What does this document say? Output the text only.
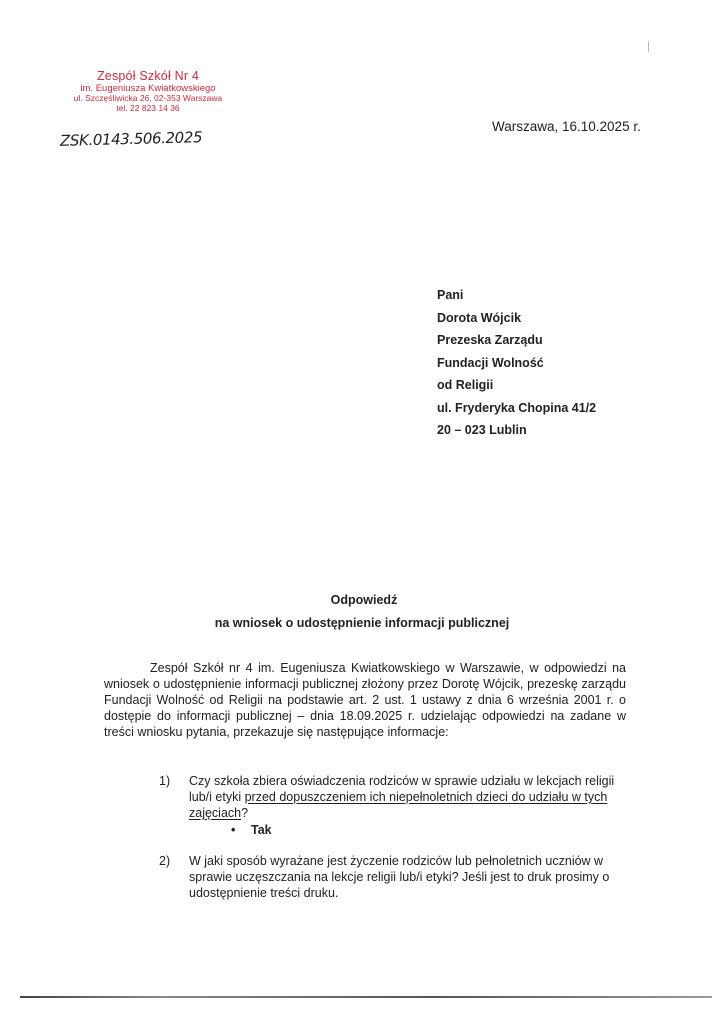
Zespół Szkół Nr 4
im. Eugeniusza Kwiatkowskiego
ul. Szczęśliwicka 26, 02-353 Warszawa
tel. 22 823 14 36
ZSK.0143.506.2025
Warszawa, 16.10.2025 r.
Pani
Dorota Wójcik
Prezeska Zarządu
Fundacji Wolność
od Religii
ul. Fryderyka Chopina 41/2
20 – 023 Lublin
Odpowiedź
na wniosek o udostępnienie informacji publicznej
Zespół Szkół nr 4 im. Eugeniusza Kwiatkowskiego w Warszawie, w odpowiedzi na wniosek o udostępnienie informacji publicznej złożony przez Dorotę Wójcik, prezeskę zarządu Fundacji Wolność od Religii na podstawie art. 2 ust. 1 ustawy z dnia 6 września 2001 r. o dostępie do informacji publicznej – dnia 18.09.2025 r. udzielając odpowiedzi na zadane w treści wniosku pytania, przekazuje się następujące informacje:
1) Czy szkoła zbiera oświadczenia rodziców w sprawie udziału w lekcjach religii lub/i etyki przed dopuszczeniem ich niepełnoletnich dzieci do udziału w tych zajęciach?
• Tak
2) W jaki sposób wyrażane jest życzenie rodziców lub pełnoletnich uczniów w sprawie uczęszczania na lekcje religii lub/i etyki? Jeśli jest to druk prosimy o udostępnienie treści druku.
